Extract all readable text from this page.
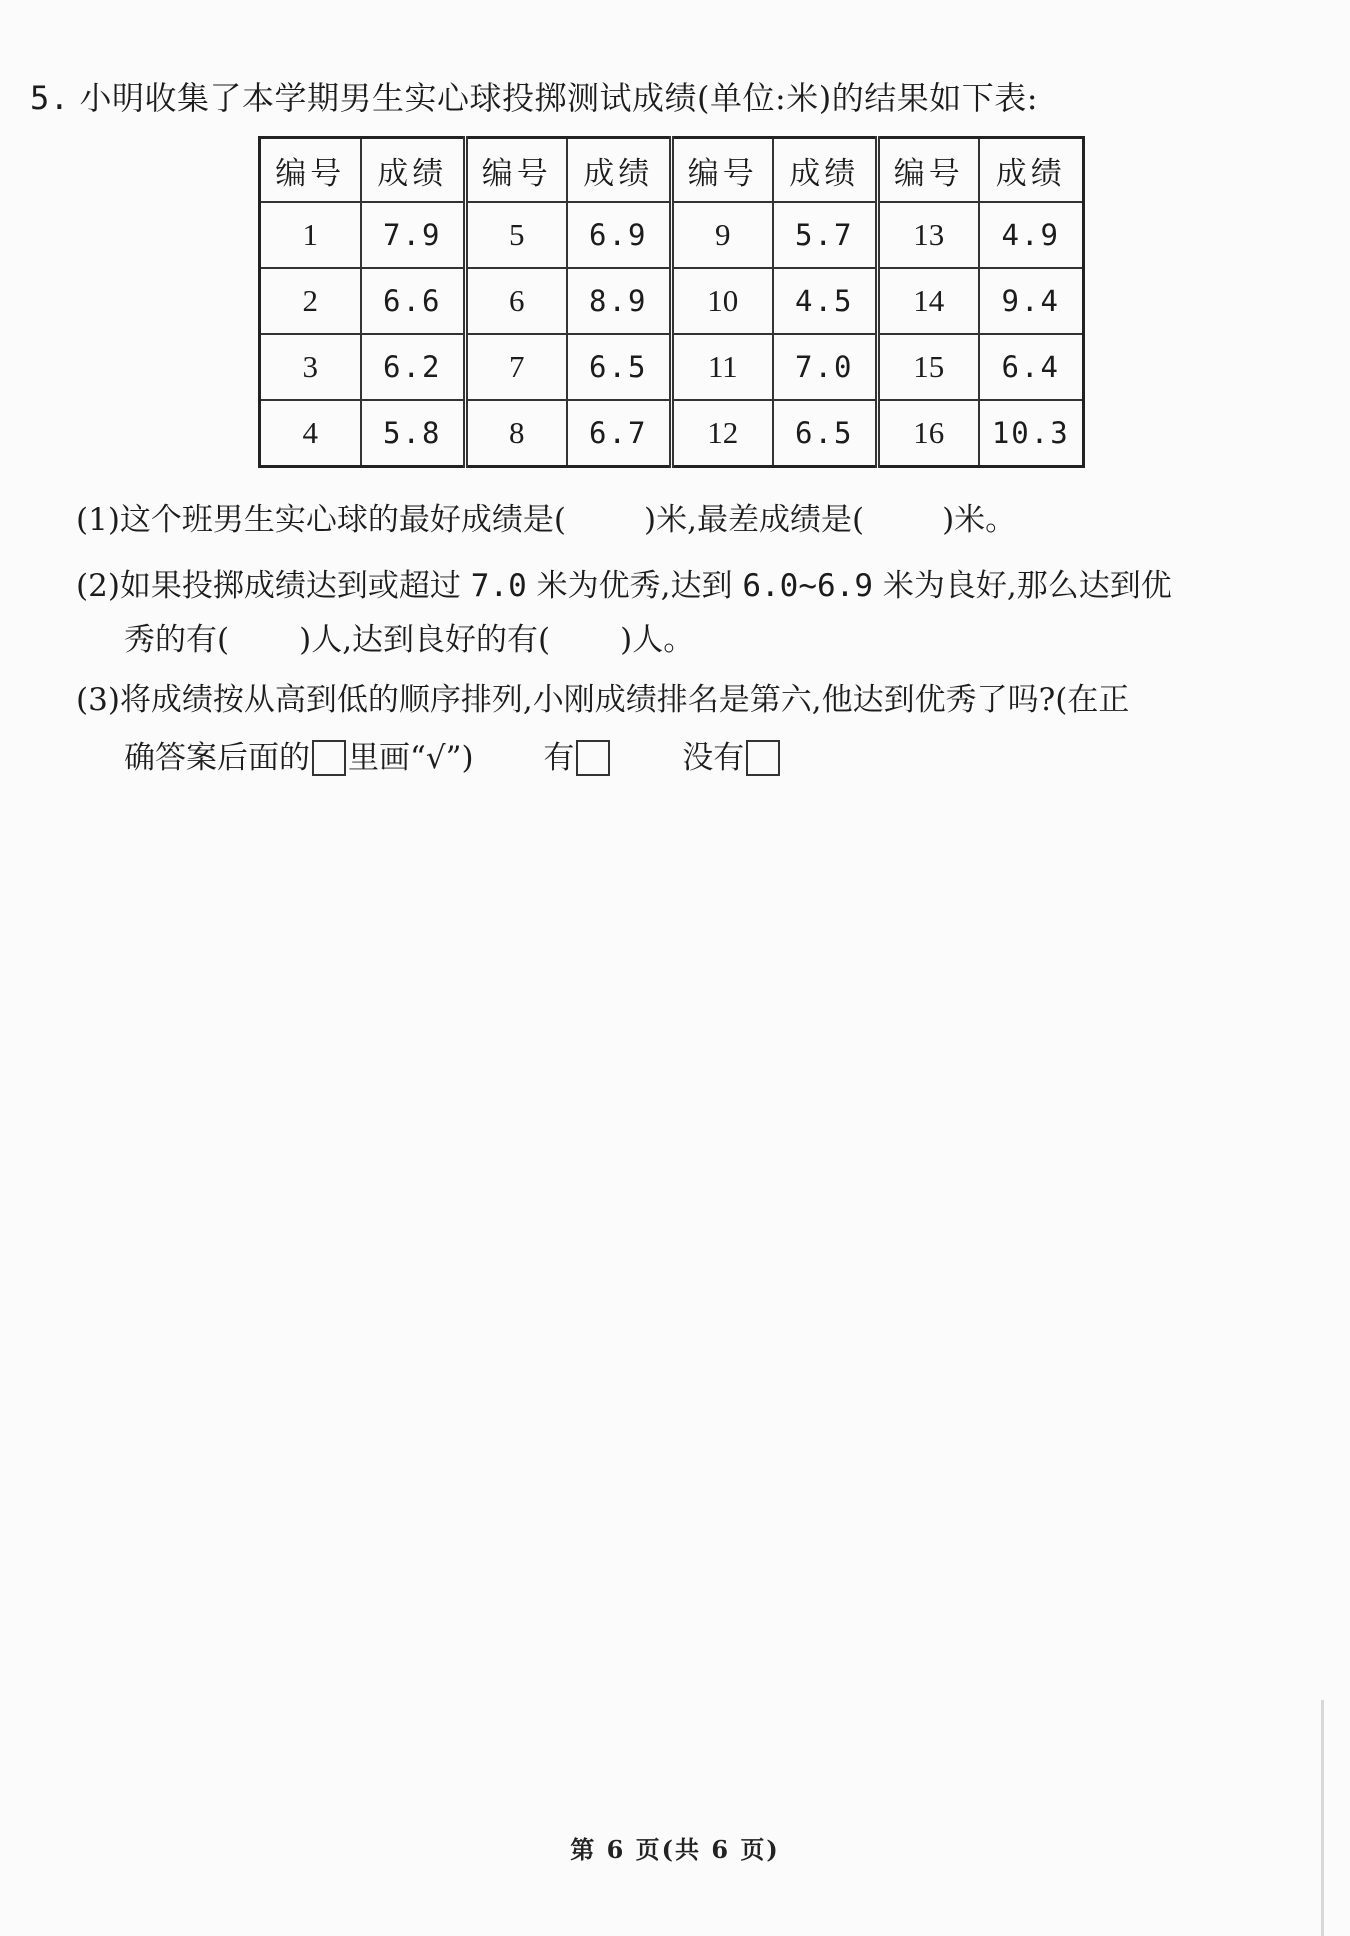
5. 小明收集了本学期男生实心球投掷测试成绩(单位:米)的结果如下表:
编号	成绩	编号	成绩	编号	成绩	编号	成绩
1	7.9	5	6.9	9	5.7	13	4.9
2	6.6	6	8.9	10	4.5	14	9.4
3	6.2	7	6.5	11	7.0	15	6.4
4	5.8	8	6.7	12	6.5	16	10.3
(1)这个班男生实心球的最好成绩是(	)米,最差成绩是(	)米。
(2)如果投掷成绩达到或超过 7.0 米为优秀,达到 6.0~6.9 米为良好,那么达到优
秀的有( )人,达到良好的有( )人。
(3)将成绩按从高到低的顺序排列,小刚成绩排名是第六,他达到优秀了吗?(在正
确答案后面的 里画“√”) 有	没有
第 6 页(共 6 页)
